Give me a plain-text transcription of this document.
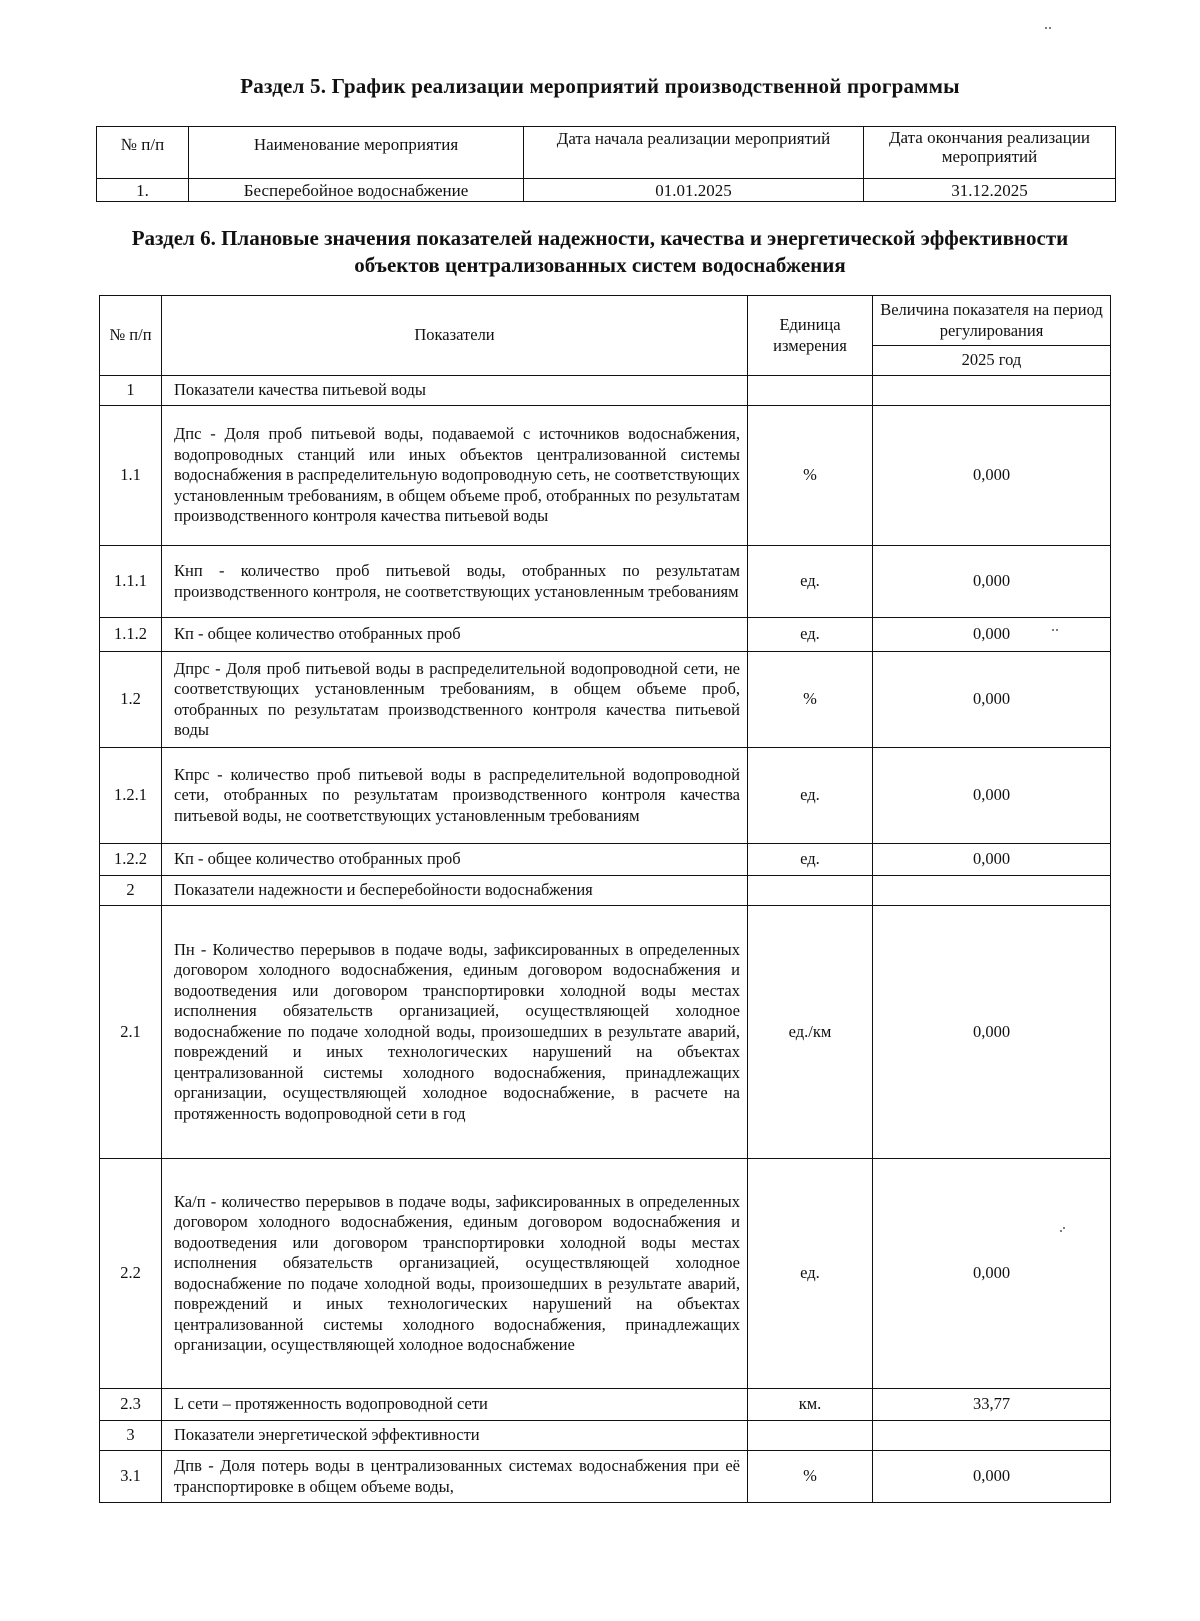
Раздел 5. График реализации мероприятий производственной программы
№ п/п	Наименование мероприятия	Дата начала реализации мероприятий	Дата окончания реализации мероприятий
1.	Бесперебойное водоснабжение	01.01.2025	31.12.2025
Раздел 6. Плановые значения показателей надежности, качества и энергетической эффективности объектов централизованных систем водоснабжения
№ п/п	Показатели	Единица измерения	Величина показателя на период регулирования
			2025 год
1	Показатели качества питьевой воды		
1.1	Дпс - Доля проб питьевой воды, подаваемой с источников водоснабжения, водопроводных станций или иных объектов централизованной системы водоснабжения в распределительную водопроводную сеть, не соответствующих установленным требованиям, в общем объеме проб, отобранных по результатам производственного контроля качества питьевой воды	%	0,000
1.1.1	Кнп - количество проб питьевой воды, отобранных по результатам производственного контроля, не соответствующих установленным требованиям	ед.	0,000
1.1.2	Кп - общее количество отобранных проб	ед.	0,000
1.2	Дпрс - Доля проб питьевой воды в распределительной водопроводной сети, не соответствующих установленным требованиям, в общем объеме проб, отобранных по результатам производственного контроля качества питьевой воды	%	0,000
1.2.1	Кпрс - количество проб питьевой воды в распределительной водопроводной сети, отобранных по результатам производственного контроля качества питьевой воды, не соответствующих установленным требованиям	ед.	0,000
1.2.2	Кп - общее количество отобранных проб	ед.	0,000
2	Показатели надежности и бесперебойности водоснабжения		
2.1	Пн - Количество перерывов в подаче воды, зафиксированных в определенных договором холодного водоснабжения, единым договором водоснабжения и водоотведения или договором транспортировки холодной воды местах исполнения обязательств организацией, осуществляющей холодное водоснабжение по подаче холодной воды, произошедших в результате аварий, повреждений и иных технологических нарушений на объектах централизованной системы холодного водоснабжения, принадлежащих организации, осуществляющей холодное водоснабжение, в расчете на протяженность водопроводной сети в год	ед./км	0,000
2.2	Ка/п - количество перерывов в подаче воды, зафиксированных в определенных договором холодного водоснабжения, единым договором водоснабжения и водоотведения или договором транспортировки холодной воды местах исполнения обязательств организацией, осуществляющей холодное водоснабжение по подаче холодной воды, произошедших в результате аварий, повреждений и иных технологических нарушений на объектах централизованной системы холодного водоснабжения, принадлежащих организации, осуществляющей холодное водоснабжение	ед.	0,000
2.3	L сети – протяженность водопроводной сети	км.	33,77
3	Показатели энергетической эффективности		
3.1	Дпв - Доля потерь воды в централизованных системах водоснабжения при её транспортировке в общем объеме воды,	%	0,000
